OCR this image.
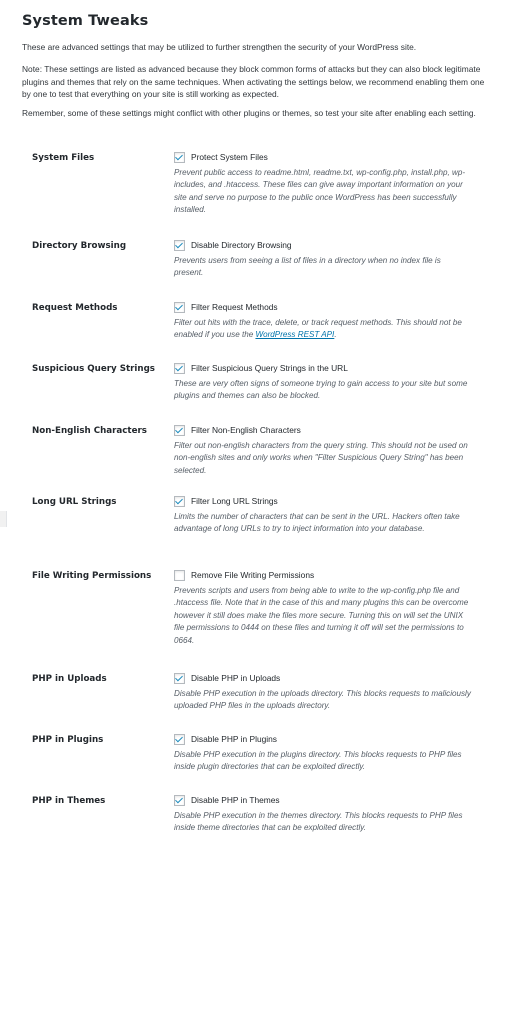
System Tweaks

These are advanced settings that may be utilized to further strengthen the security of your WordPress site.

Note: These settings are listed as advanced because they block common forms of attacks but they can also block legitimate plugins and themes that rely on the same techniques. When activating the settings below, we recommend enabling them one by one to test that everything on your site is still working as expected.

Remember, some of these settings might conflict with other plugins or themes, so test your site after enabling each setting.

System Files	Protect System Files
Prevent public access to readme.html, readme.txt, wp-config.php, install.php, wp-includes, and .htaccess. These files can give away important information on your site and serve no purpose to the public once WordPress has been successfully installed.
Directory Browsing	Disable Directory Browsing
Prevents users from seeing a list of files in a directory when no index file is present.
Request Methods	Filter Request Methods
Filter out hits with the trace, delete, or track request methods. This should not be enabled if you use the WordPress REST API.
Suspicious Query Strings	Filter Suspicious Query Strings in the URL
These are very often signs of someone trying to gain access to your site but some plugins and themes can also be blocked.
Non-English Characters	Filter Non-English Characters
Filter out non-english characters from the query string. This should not be used on non-english sites and only works when "Filter Suspicious Query String" has been selected.
Long URL Strings	Filter Long URL Strings
Limits the number of characters that can be sent in the URL. Hackers often take advantage of long URLs to try to inject information into your database.
File Writing Permissions	Remove File Writing Permissions
Prevents scripts and users from being able to write to the wp-config.php file and .htaccess file. Note that in the case of this and many plugins this can be overcome however it still does make the files more secure. Turning this on will set the UNIX file permissions to 0444 on these files and turning it off will set the permissions to 0664.
PHP in Uploads	Disable PHP in Uploads
Disable PHP execution in the uploads directory. This blocks requests to maliciously uploaded PHP files in the uploads directory.
PHP in Plugins	Disable PHP in Plugins
Disable PHP execution in the plugins directory. This blocks requests to PHP files inside plugin directories that can be exploited directly.
PHP in Themes	Disable PHP in Themes
Disable PHP execution in the themes directory. This blocks requests to PHP files inside theme directories that can be exploited directly.
